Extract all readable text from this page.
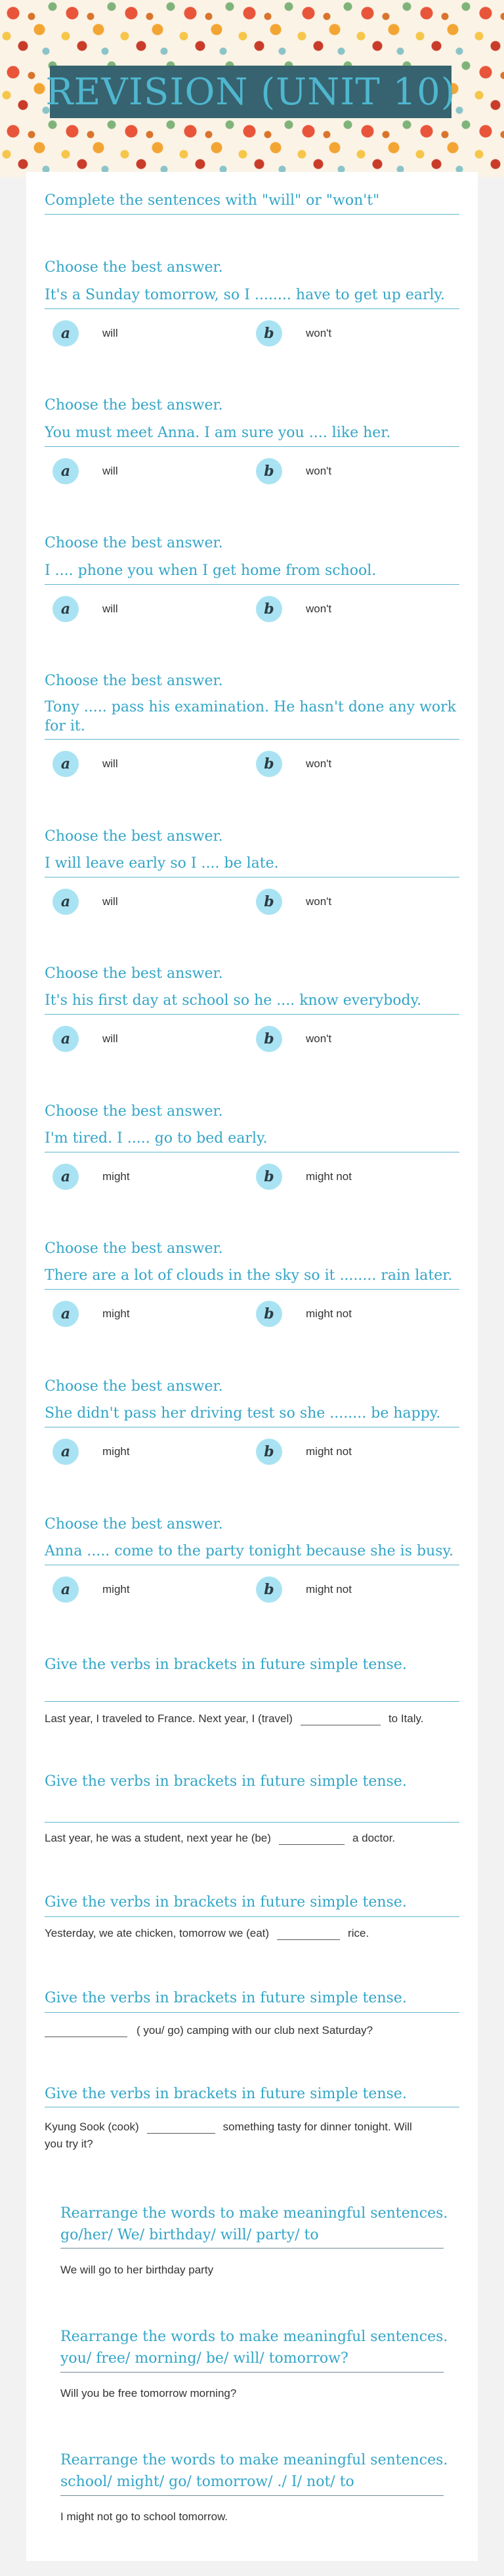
REVISION (UNIT 10)
Complete the sentences with "will" or "won't"
Choose the best answer.
It's a Sunday tomorrow, so I ........ have to get up early.
a	will	b	won't
Choose the best answer.
You must meet Anna. I am sure you .... like her.
a	will	b	won't
Choose the best answer.
I .... phone you when I get home from school.
a	will	b	won't
Choose the best answer.
Tony ..... pass his examination. He hasn't done any work for it.
a	will	b	won't
Choose the best answer.
I will leave early so I .... be late.
a	will	b	won't
Choose the best answer.
It's his first day at school so he .... know everybody.
a	will	b	won't
Choose the best answer.
I'm tired. I ..... go to bed early.
a	might	b	might not
Choose the best answer.
There are a lot of clouds in the sky so it ........ rain later.
a	might	b	might not
Choose the best answer.
She didn't pass her driving test so she ........ be happy.
a	might	b	might not
Choose the best answer.
Anna ..... come to the party tonight because she is busy.
a	might	b	might not
Give the verbs in brackets in future simple tense.
Last year, I traveled to France. Next year, I (travel)	to Italy.
Give the verbs in brackets in future simple tense.
Last year, he was a student, next year he (be)	a doctor.
Give the verbs in brackets in future simple tense.
Yesterday, we ate chicken, tomorrow we (eat)	rice.
Give the verbs in brackets in future simple tense.
( you/ go) camping with our club next Saturday?
Give the verbs in brackets in future simple tense.
Kyung Sook (cook)	something tasty for dinner tonight. Will
you try it?
Rearrange the words to make meaningful sentences.
go/her/ We/ birthday/ will/ party/ to
We will go to her birthday party
Rearrange the words to make meaningful sentences.
you/ free/ morning/ be/ will/ tomorrow?
Will you be free tomorrow morning?
Rearrange the words to make meaningful sentences.
school/ might/ go/ tomorrow/ ./ I/ not/ to
I might not go to school tomorrow.
